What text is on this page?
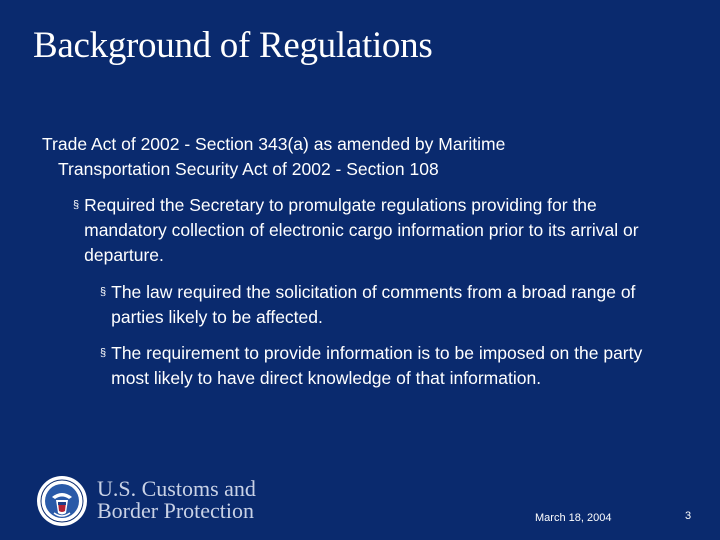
Background of Regulations
Trade Act of 2002 - Section 343(a) as amended by Maritime
Transportation Security Act of 2002 - Section 108
§ Required the Secretary to promulgate regulations providing for the mandatory collection of electronic cargo information prior to its arrival or departure.
§ The law required the solicitation of comments from a broad range of parties likely to be affected.
§ The requirement to provide information is to be imposed on the party most likely to have direct knowledge of that information.
U.S. Customs and
Border Protection	March 18, 2004	3
